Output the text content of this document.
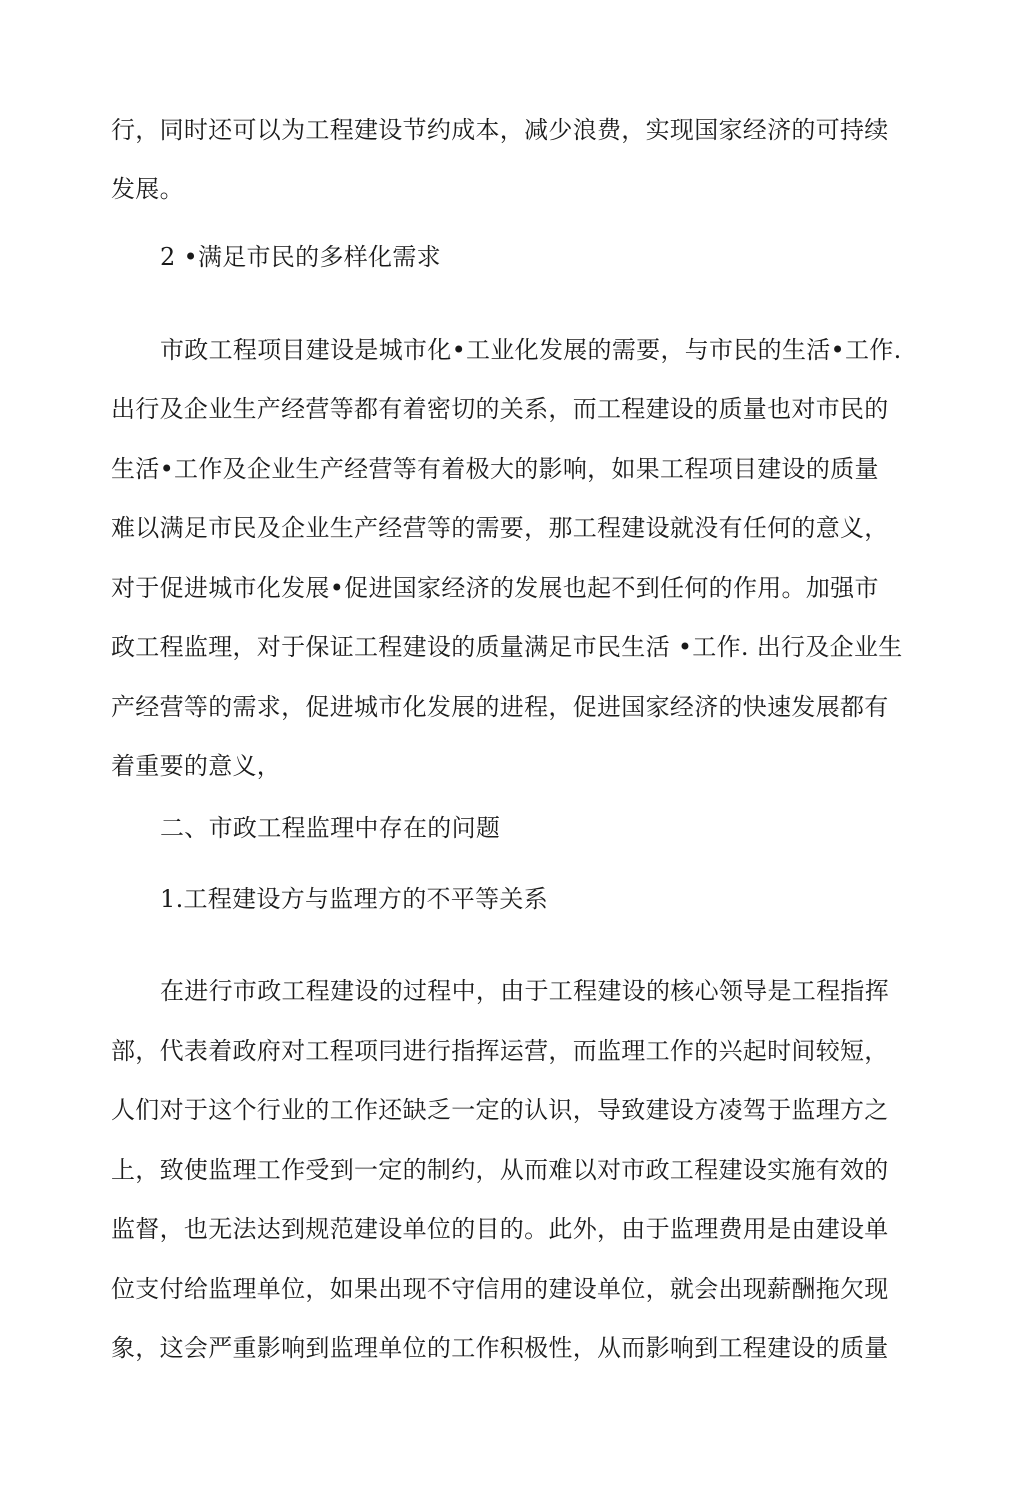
行，同时还可以为工程建设节约成本，减少浪费，实现国家经济的可持续
发展。
2 •满足市民的多样化需求
市政工程项目建设是城市化•工业化发展的需要，与市民的生活•工作.
出行及企业生产经营等都有着密切的关系，而工程建设的质量也对市民的
生活•工作及企业生产经营等有着极大的影响，如果工程项目建设的质量
难以满足市民及企业生产经营等的需要，那工程建设就没有任何的意义，
对于促进城市化发展•促进国家经济的发展也起不到任何的作用。加强市
政工程监理，对于保证工程建设的质量满足市民生活 •工作. 出行及企业生
产经营等的需求，促进城市化发展的进程，促进国家经济的快速发展都有
着重要的意义，
二、市政工程监理中存在的问题
1.工程建设方与监理方的不平等关系
在进行市政工程建设的过程中，由于工程建设的核心领导是工程指挥
部，代表着政府对工程项冃进行指挥运营，而监理工作的兴起时间较短，
人们对于这个行业的工作还缺乏一定的认识，导致建设方凌驾于监理方之
上，致使监理工作受到一定的制约，从而难以对市政工程建设实施有效的
监督，也无法达到规范建设单位的目的。此外，由于监理费用是由建设单
位支付给监理单位，如果出现不守信用的建设单位，就会出现薪酬拖欠现
象，这会严重影响到监理单位的工作积极性，从而影响到工程建设的质量
